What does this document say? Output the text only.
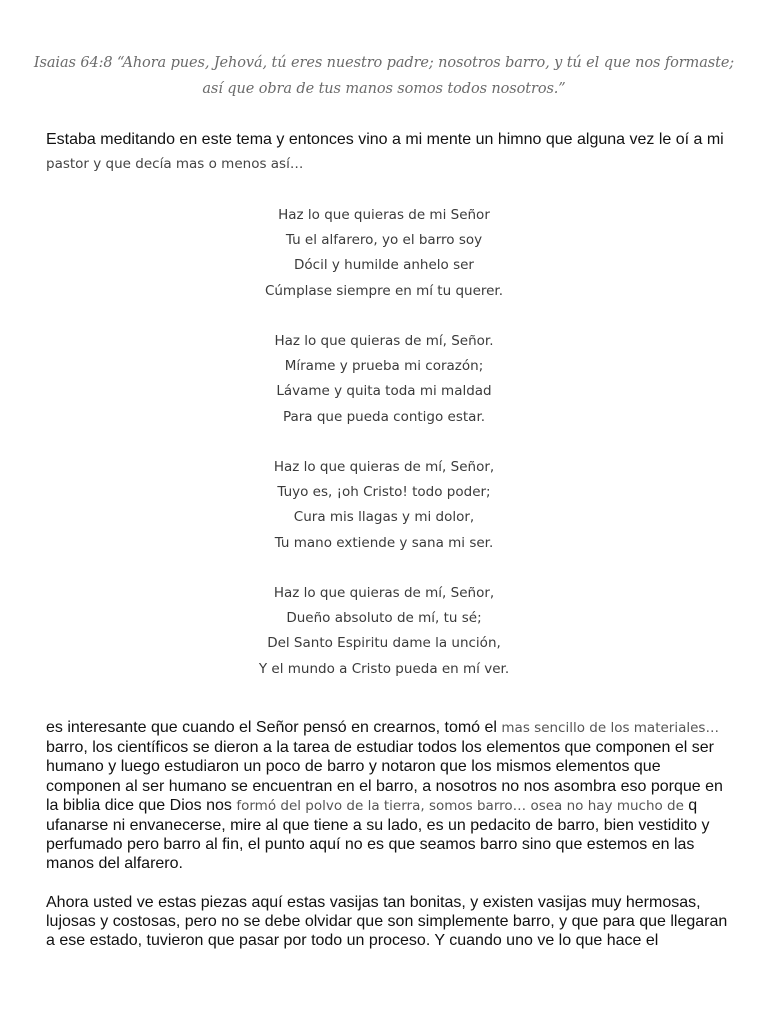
Isaias 64:8 “Ahora pues, Jehová, tú eres nuestro padre; nosotros barro, y tú el que nos formaste;
así que obra de tus manos somos todos nosotros.”
Estaba meditando en este tema y entonces vino a mi mente un himno que alguna vez le oí a mi
pastor y que decía mas o menos así…
Haz lo que quieras de mi Señor
Tu el alfarero, yo el barro soy
Dócil y humilde anhelo ser
Cúmplase siempre en mí tu querer.
Haz lo que quieras de mí, Señor.
Mírame y prueba mi corazón;
Lávame y quita toda mi maldad
Para que pueda contigo estar.
Haz lo que quieras de mí, Señor,
Tuyo es, ¡oh Cristo! todo poder;
Cura mis llagas y mi dolor,
Tu mano extiende y sana mi ser.
Haz lo que quieras de mí, Señor,
Dueño absoluto de mí, tu sé;
Del Santo Espiritu dame la unción,
Y el mundo a Cristo pueda en mí ver.

es interesante que cuando el Señor pensó en crearnos, tomó el mas sencillo de los materiales…
barro, los científicos se dieron a la tarea de estudiar todos los elementos que componen el ser
humano y luego estudiaron un poco de barro y notaron que los mismos elementos que
componen al ser humano se encuentran en el barro, a nosotros no nos asombra eso porque en
la biblia dice que Dios nos formó del polvo de la tierra, somos barro… osea no hay mucho de q
ufanarse ni envanecerse, mire al que tiene a su lado, es un pedacito de barro, bien vestidito y
perfumado pero barro al fin, el punto aquí no es que seamos barro sino que estemos en las
manos del alfarero.

Ahora usted ve estas piezas aquí estas vasijas tan bonitas, y existen vasijas muy hermosas,
lujosas y costosas, pero no se debe olvidar que son simplemente barro, y que para que llegaran
a ese estado, tuvieron que pasar por todo un proceso. Y cuando uno ve lo que hace el
